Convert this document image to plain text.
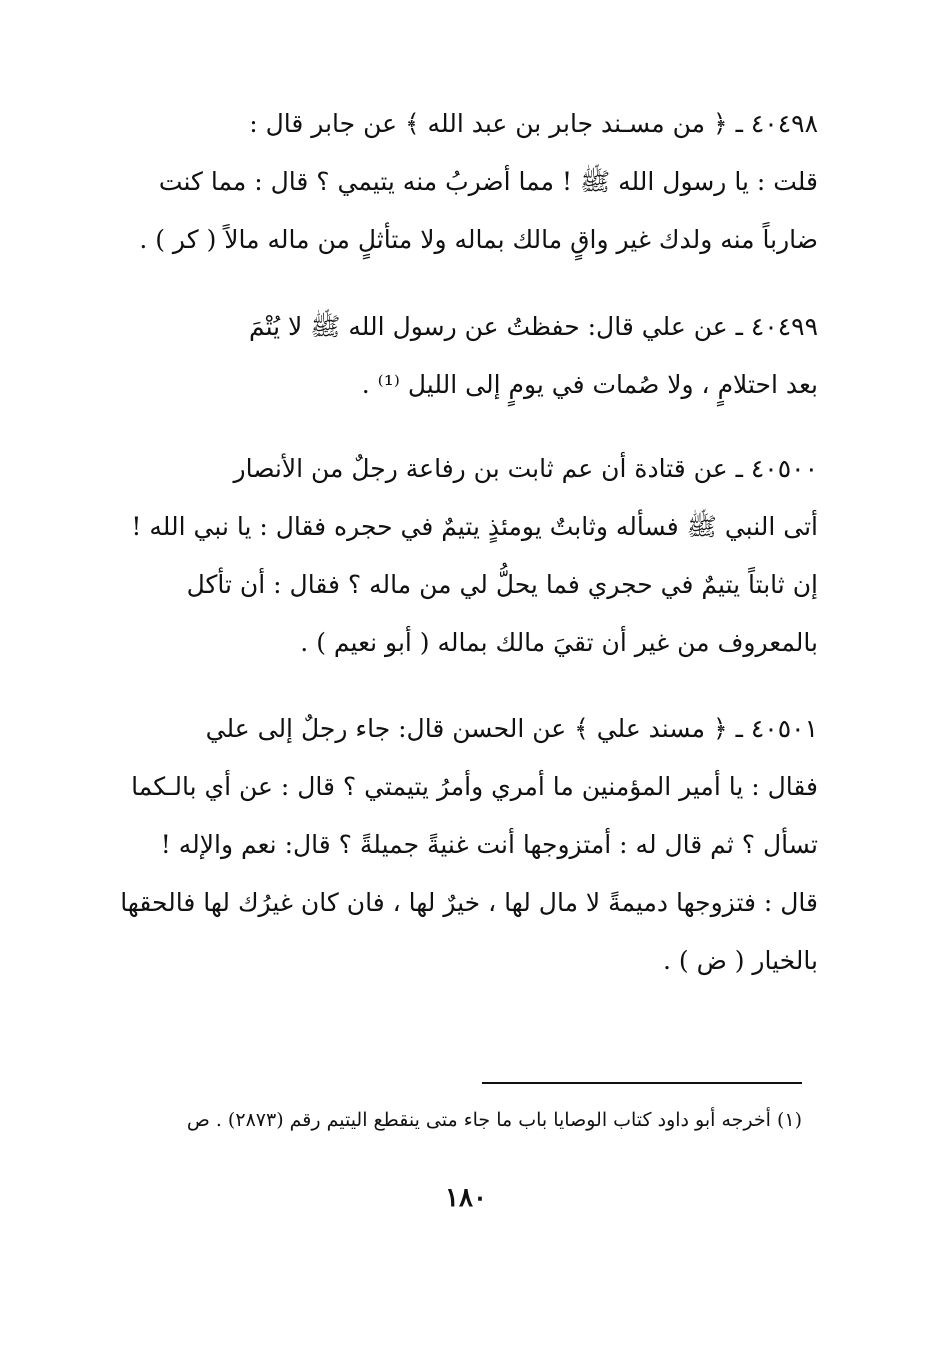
٤٠٤٩٨ ـ ﴿ من مسـند جابر بن عبد الله ﴾ عن جابر قال :
قلت : يا رسول الله ﷺ ! مما أضربُ منه يتيمي ؟ قال : مما كنت
ضارباً منه ولدك غير واقٍ مالك بماله ولا متأثلٍ من ماله مالاً ( كر ) .
٤٠٤٩٩ ـ عن علي قال: حفظتُ عن رسول الله ﷺ لا يُتْمَ
بعد احتلامٍ ، ولا صُمات في يومٍ إلى الليل ⁽¹⁾ .
٤٠٥٠٠ ـ عن قتادة أن عم ثابت بن رفاعة رجلٌ من الأنصار
أتى النبي ﷺ فسأله وثابتٌ يومئذٍ يتيمٌ في حجره فقال : يا نبي الله !
إن ثابتاً يتيمٌ في حجري فما يحلُّ لي من ماله ؟ فقال : أن تأكل
بالمعروف من غير أن تقيَ مالك بماله ( أبو نعيم ) .
٤٠٥٠١ ـ ﴿ مسند علي ﴾ عن الحسن قال: جاء رجلٌ إلى علي
فقال : يا أمير المؤمنين ما أمري وأمرُ يتيمتي ؟ قال : عن أي بالـكما
تسأل ؟ ثم قال له : أمتزوجها أنت غنيةً جميلةً ؟ قال: نعم والإله !
قال : فتزوجها دميمةً لا مال لها ، خيرٌ لها ، فان كان غيرُك لها فالحقها
بالخيار ( ض ) .
(١) أخرجه أبو داود كتاب الوصايا باب ما جاء متى ينقطع اليتيم رقم (٢٨٧٣) . ص
١٨٠
